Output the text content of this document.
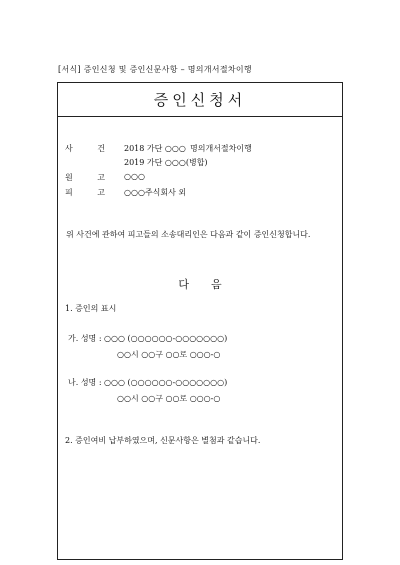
[서식] 증인신청 및 증인신문사항 – 명의개서절차이행
증인신청서
사	건 2018 가단 ○○○ 명의개서절차이행
2019 가단 ○○○(병합)
원	고 ○○○
피	고 ○○○주식회사 외
위 사건에 관하여 피고들의 소송대리인은 다음과 같이 증인신청합니다.
다음
1. 증인의 표시
가. 성명 : ○○○ (○○○○○○-○○○○○○○)
○○시 ○○구 ○○로 ○○○-○
나. 성명 : ○○○ (○○○○○○-○○○○○○○)
○○시 ○○구 ○○로 ○○○-○
2. 증인여비 납부하였으며, 신문사항은 별첨과 같습니다.
